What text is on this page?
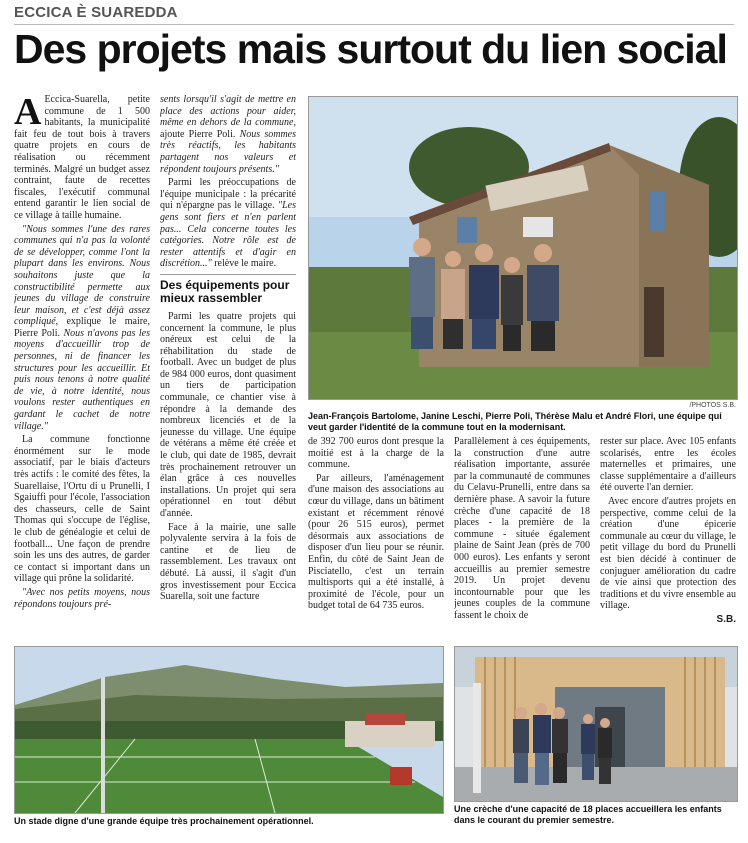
ECCICA È SUAREDDA
Des projets mais surtout du lien social

A Eccica-Suarella, petite commune de 1 500 habitants, la municipalité fait feu de tout bois à travers quatre projets en cours de réalisation ou récemment terminés. Malgré un budget assez contraint, faute de recettes fiscales, l'exécutif communal entend garantir le lien social de ce village à taille humaine.

"Nous sommes l'une des rares communes qui n'a pas la volonté de se développer, comme l'ont la plupart dans les environs. Nous souhaitons juste que la constructibilité permette aux jeunes du village de construire leur maison, et c'est déjà assez compliqué, explique le maire, Pierre Poli. Nous n'avons pas les moyens d'accueillir trop de personnes, ni de financer les structures pour les accueillir. Et puis nous tenons à notre qualité de vie, à notre identité, nous voulons rester authentiques en gardant le cachet de notre village."

La commune fonctionne énormément sur le mode associatif, par le biais d'acteurs très actifs : le comité des fêtes, la Suarellaise, l'Ortu di u Prunelli, I Sgaiuffi pour l'école, l'association des chasseurs, celle de Saint Thomas qui s'occupe de l'église, le club de généalogie et celui de football... Une façon de prendre soin les uns des autres, de garder ce contact si important dans un village qui prône la solidarité.

"Avec nos petits moyens, nous répondons toujours pré-

sents lorsqu'il s'agit de mettre en place des actions pour aider, même en dehors de la commune, ajoute Pierre Poli. Nous sommes très réactifs, les habitants partagent nos valeurs et répondent toujours présents."

Parmi les préoccupations de l'équipe municipale : la précarité qui n'épargne pas le village. "Les gens sont fiers et n'en parlent pas... Cela concerne toutes les catégories. Notre rôle est de rester attentifs et d'agir en discrétion..." relève le maire.

Des équipements pour mieux rassembler

Parmi les quatre projets qui concernent la commune, le plus onéreux est celui de la réhabilitation du stade de football. Avec un budget de plus de 984 000 euros, dont quasiment un tiers de participation communale, ce chantier vise à répondre à la demande des nombreux licenciés et de la jeunesse du village. Une équipe de vétérans a même été créée et le club, qui date de 1985, devrait très prochainement retrouver un élan grâce à ces nouvelles installations. Un projet qui sera opérationnel en tout début d'année.

Face à la mairie, une salle polyvalente servira à la fois de cantine et de lieu de rassemblement. Les travaux ont débuté. Là aussi, il s'agit d'un gros investissement pour Eccica Suarella, soit une facture

/PHOTOS S.B.
Jean-François Bartolome, Janine Leschi, Pierre Poli, Thérèse Malu et André Flori, une équipe qui veut garder l'identité de la commune tout en la modernisant.

de 392 700 euros dont presque la moitié est à la charge de la commune.

Par ailleurs, l'aménagement d'une maison des associations au cœur du village, dans un bâtiment existant et récemment rénové (pour 26 515 euros), permet désormais aux associations de disposer d'un lieu pour se réunir. Enfin, du côté de Saint Jean de Pisciatello, c'est un terrain multisports qui a été installé, à proximité de l'école, pour un budget total de 64 735 euros.

Parallèlement à ces équipements, la construction d'une autre réalisation importante, assurée par la communauté de communes du Celavu-Prunelli, entre dans sa dernière phase. A savoir la future crèche d'une capacité de 18 places - la première de la commune - située également plaine de Saint Jean (près de 700 000 euros). Les enfants y seront accueillis au premier semestre 2019. Un projet devenu incontournable pour que les jeunes couples de la commune fassent le choix de

rester sur place. Avec 105 enfants scolarisés, entre les écoles maternelles et primaires, une classe supplémentaire a d'ailleurs été ouverte l'an dernier.

Avec encore d'autres projets en perspective, comme celui de la création d'une épicerie communale au cœur du village, le petit village du bord du Prunelli est bien décidé à continuer de conjuguer amélioration du cadre de vie ainsi que protection des traditions et du vivre ensemble au village.

S.B.
Un stade digne d'une grande équipe très prochainement opérationnel.
Une crèche d'une capacité de 18 places accueillera les enfants dans le courant du premier semestre.
